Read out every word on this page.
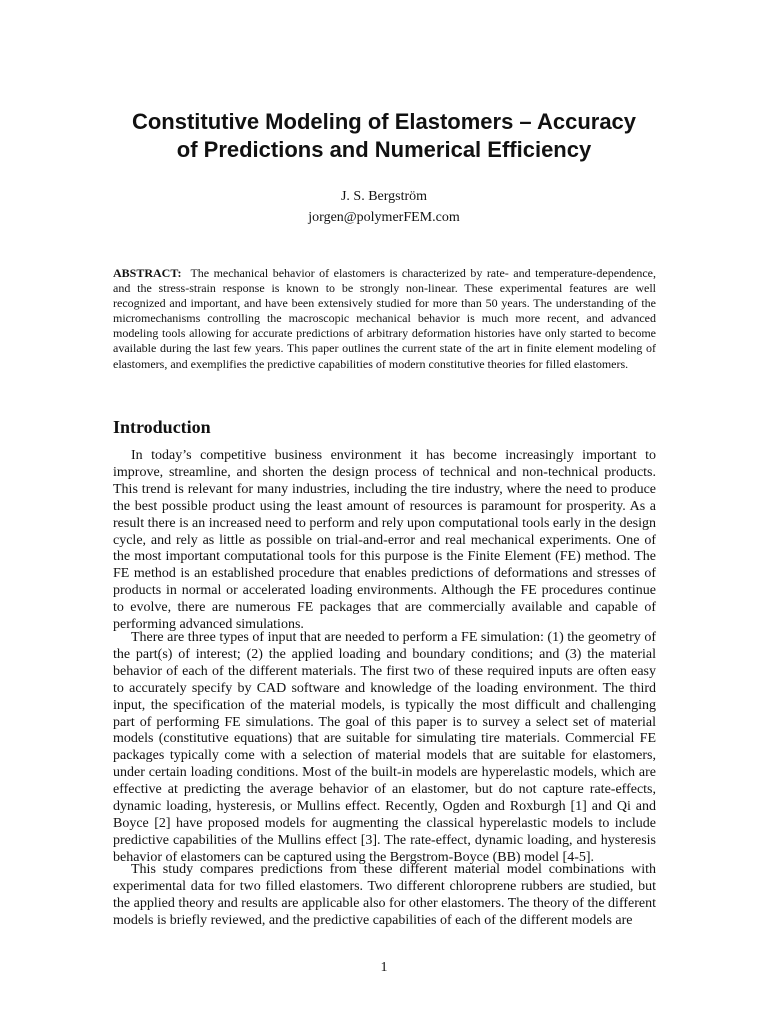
Constitutive Modeling of Elastomers – Accuracy
of Predictions and Numerical Efficiency
J. S. Bergström
jorgen@polymerFEM.com

ABSTRACT: The mechanical behavior of elastomers is characterized by rate- and temperature-dependence, and the stress-strain response is known to be strongly non-linear. These experimental features are well recognized and important, and have been extensively studied for more than 50 years. The understanding of the micromechanisms controlling the macroscopic mechanical behavior is much more recent, and advanced modeling tools allowing for accurate predictions of arbitrary deformation histories have only started to become available during the last few years. This paper outlines the current state of the art in finite element modeling of elastomers, and exemplifies the predictive capabilities of modern constitutive theories for filled elastomers.

Introduction

In today’s competitive business environment it has become increasingly important to improve, streamline, and shorten the design process of technical and non-technical products. This trend is relevant for many industries, including the tire industry, where the need to produce the best possible product using the least amount of resources is paramount for prosperity. As a result there is an increased need to perform and rely upon computational tools early in the design cycle, and rely as little as possible on trial-and-error and real mechanical experiments. One of the most important computational tools for this purpose is the Finite Element (FE) method. The FE method is an established procedure that enables predictions of deformations and stresses of products in normal or accelerated loading environments. Although the FE procedures continue to evolve, there are numerous FE packages that are commercially available and capable of performing advanced simulations.

There are three types of input that are needed to perform a FE simulation: (1) the geometry of the part(s) of interest; (2) the applied loading and boundary conditions; and (3) the material behavior of each of the different materials. The first two of these required inputs are often easy to accurately specify by CAD software and knowledge of the loading environment. The third input, the specification of the material models, is typically the most difficult and challenging part of performing FE simulations. The goal of this paper is to survey a select set of material models (constitutive equations) that are suitable for simulating tire materials. Commercial FE packages typically come with a selection of material models that are suitable for elastomers, under certain loading conditions. Most of the built-in models are hyperelastic models, which are effective at predicting the average behavior of an elastomer, but do not capture rate-effects, dynamic loading, hysteresis, or Mullins effect. Recently, Ogden and Roxburgh [1] and Qi and Boyce [2] have proposed models for augmenting the classical hyperelastic models to include predictive capabilities of the Mullins effect [3]. The rate-effect, dynamic loading, and hysteresis behavior of elastomers can be captured using the Bergstrom-Boyce (BB) model [4-5].

This study compares predictions from these different material model combinations with experimental data for two filled elastomers. Two different chloroprene rubbers are studied, but the applied theory and results are applicable also for other elastomers. The theory of the different models is briefly reviewed, and the predictive capabilities of each of the different models are

1
